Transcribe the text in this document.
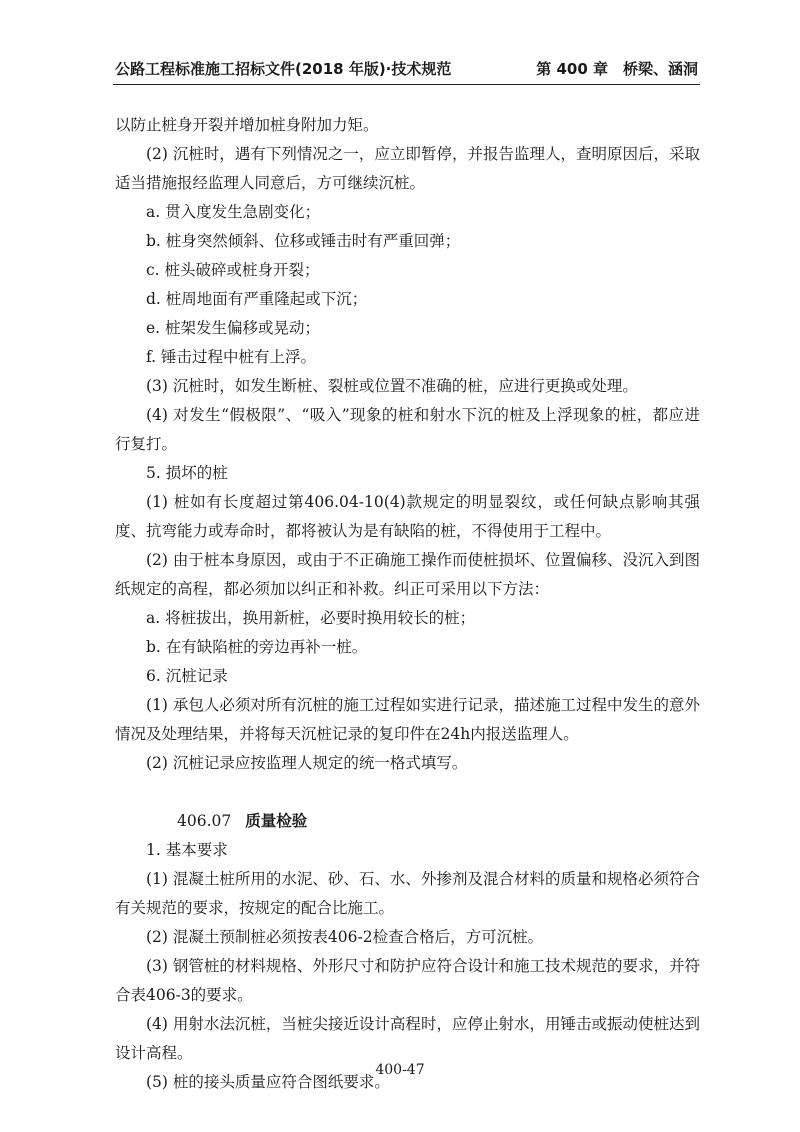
公路工程标准施工招标文件(2018 年版)·技术规范	第 400 章　桥梁、涵洞

以防止桩身开裂并增加桩身附加力矩。

(2) 沉桩时，遇有下列情况之一，应立即暂停，并报告监理人，查明原因后，采取适当措施报经监理人同意后，方可继续沉桩。

a. 贯入度发生急剧变化；

b. 桩身突然倾斜、位移或锤击时有严重回弹；

c. 桩头破碎或桩身开裂；

d. 桩周地面有严重隆起或下沉；

e. 桩架发生偏移或晃动；

f. 锤击过程中桩有上浮。

(3) 沉桩时，如发生断桩、裂桩或位置不准确的桩，应进行更换或处理。

(4) 对发生“假极限”、“吸入”现象的桩和射水下沉的桩及上浮现象的桩，都应进行复打。

5. 损坏的桩

(1) 桩如有长度超过第406.04-10(4)款规定的明显裂纹，或任何缺点影响其强度、抗弯能力或寿命时，都将被认为是有缺陷的桩，不得使用于工程中。

(2) 由于桩本身原因，或由于不正确施工操作而使桩损坏、位置偏移、没沉入到图纸规定的高程，都必须加以纠正和补救。纠正可采用以下方法：

a. 将桩拔出，换用新桩，必要时换用较长的桩；

b. 在有缺陷桩的旁边再补一桩。

6. 沉桩记录

(1) 承包人必须对所有沉桩的施工过程如实进行记录，描述施工过程中发生的意外情况及处理结果，并将每天沉桩记录的复印件在24h内报送监理人。

(2) 沉桩记录应按监理人规定的统一格式填写。

406.07 质量检验

1. 基本要求

(1) 混凝土桩所用的水泥、砂、石、水、外掺剂及混合材料的质量和规格必须符合有关规范的要求，按规定的配合比施工。

(2) 混凝土预制桩必须按表406-2检查合格后，方可沉桩。

(3) 钢管桩的材料规格、外形尺寸和防护应符合设计和施工技术规范的要求，并符合表406-3的要求。

(4) 用射水法沉桩，当桩尖接近设计高程时，应停止射水，用锤击或振动使桩达到设计高程。

(5) 桩的接头质量应符合图纸要求。

400-47
